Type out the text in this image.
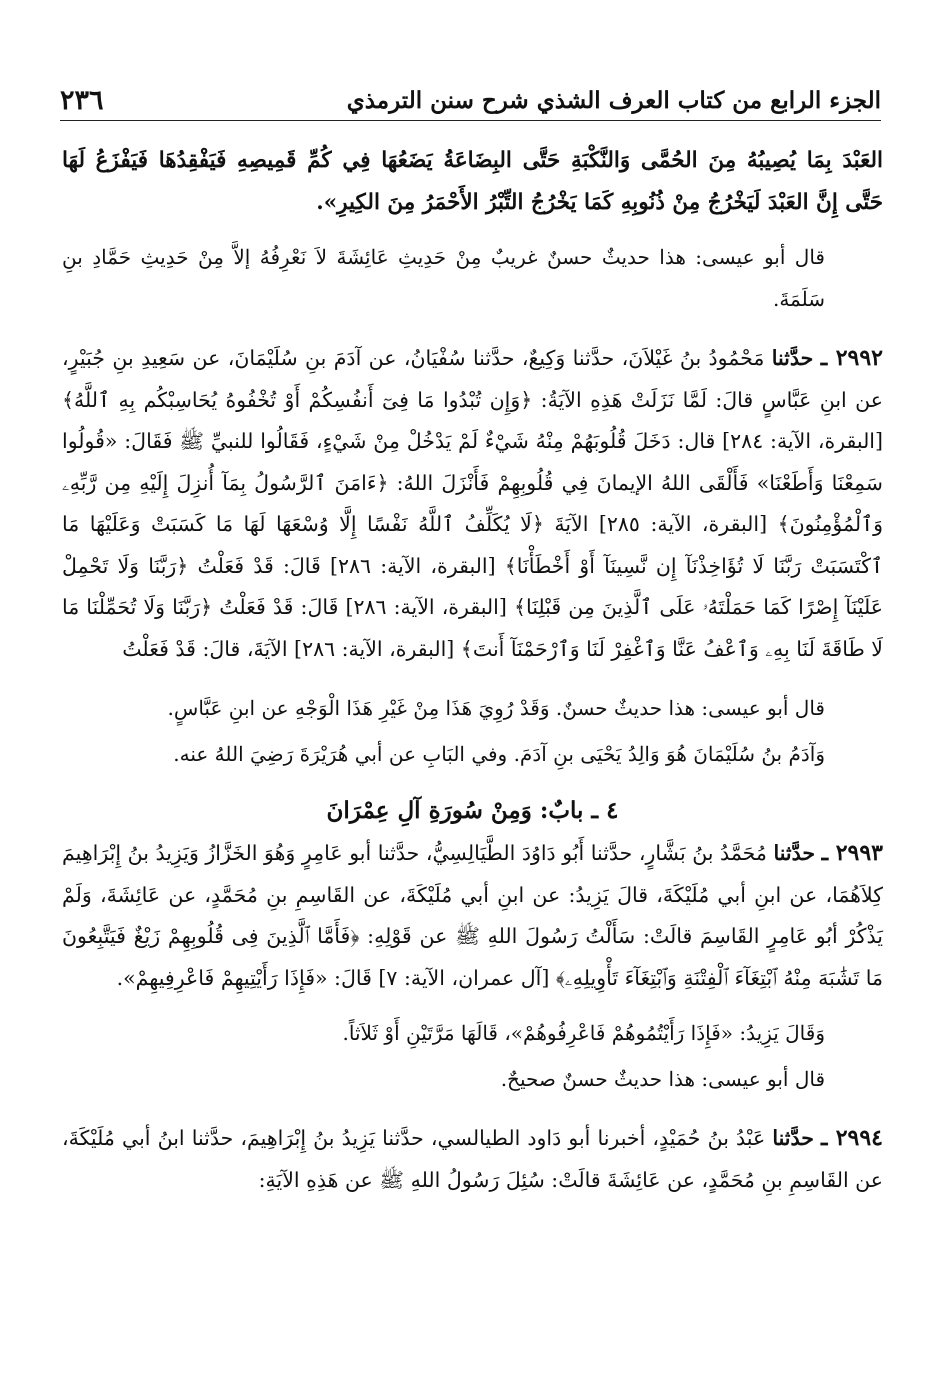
٢٣٦	الجزء الرابع من كتاب العرف الشذي شرح سنن الترمذي

العَبْدَ بِمَا يُصِيبُهُ مِنَ الحُمَّى وَالنَّكْبَةِ حَتَّى البِضَاعَةُ يَضَعُهَا فِي كُمِّ قَمِيصِهِ فَيَفْقِدُهَا فَيَفْزَعُ لَهَا حَتَّى إِنَّ العَبْدَ لَيَخْرُجُ مِنْ ذُنُوبِهِ كَمَا يَخْرُجُ التِّبْرُ الأَحْمَرُ مِنَ الكِيرِ».

قال أبو عيسى: هذا حديثٌ حسنٌ غريبٌ مِنْ حَدِيثِ عَائِشَةَ لاَ نَعْرِفُهُ إلاَّ مِنْ حَدِيثِ حَمَّادِ بنِ سَلَمَةَ.

٢٩٩٢ ـ حدَّثنا مَحْمُودُ بنُ غَيْلاَنَ، حدَّثنا وَكِيعٌ، حدَّثنا سُفْيَانُ، عن آدَمَ بنِ سُلَيْمَانَ، عن سَعِيدِ بنِ جُبَيْرٍ، عن ابنِ عَبَّاسٍ قالَ: لَمَّا نَزَلَتْ هَذِهِ الآيَةُ: ﴿وَإِن تُبْدُوا مَا فِىٓ أَنفُسِكُمْ أَوْ تُخْفُوهُ يُحَاسِبْكُم بِهِ ٱللَّهُ﴾ [البقرة، الآية: ٢٨٤] قال: دَخَلَ قُلُوبَهُمْ مِنْهُ شَيْءٌ لَمْ يَدْخُلْ مِنْ شَيْءٍ، فَقَالُوا للنبيِّ ﷺ فَقَالَ: «قُولُوا سَمِعْنَا وَأَطَعْنَا» فَأَلْقَى اللهُ الإيمانَ فِي قُلُوبِهِمْ فَأَنْزَلَ اللهُ: ﴿ءَامَنَ ٱلرَّسُولُ بِمَآ أُنزِلَ إِلَيْهِ مِن رَّبِّهِۦ وَٱلْمُؤْمِنُونَ﴾ [البقرة، الآية: ٢٨٥] الآيَةَ ﴿لَا يُكَلِّفُ ٱللَّهُ نَفْسًا إِلَّا وُسْعَهَا لَهَا مَا كَسَبَتْ وَعَلَيْهَا مَا ٱكْتَسَبَتْ رَبَّنَا لَا تُؤَاخِذْنَآ إِن نَّسِينَآ أَوْ أَخْطَأْنَا﴾ [البقرة، الآية: ٢٨٦] قَالَ: قَدْ فَعَلْتُ ﴿رَبَّنَا وَلَا تَحْمِلْ عَلَيْنَآ إِصْرًا كَمَا حَمَلْتَهُۥ عَلَى ٱلَّذِينَ مِن قَبْلِنَا﴾ [البقرة، الآية: ٢٨٦] قَالَ: قَدْ فَعَلْتُ ﴿رَبَّنَا وَلَا تُحَمِّلْنَا مَا لَا طَاقَةَ لَنَا بِهِۦ وَٱعْفُ عَنَّا وَٱغْفِرْ لَنَا وَٱرْحَمْنَآ أَنتَ﴾ [البقرة، الآية: ٢٨٦] الآيَةَ، قالَ: قَدْ فَعَلْتُ

قال أبو عيسى: هذا حديثٌ حسنٌ. وَقَدْ رُوِيَ هَذَا مِنْ غَيْرِ هَذَا الْوَجْهِ عن ابنِ عَبَّاسٍ.

وَآدَمُ بنُ سُلَيْمَانَ هُوَ وَالِدُ يَحْيَى بنِ آدَمَ. وفي البَابِ عن أبي هُرَيْرَةَ رَضِيَ اللهُ عنه.

٤ ـ بابٌ: وَمِنْ سُورَةِ آلِ عِمْرَانَ

٢٩٩٣ ـ حدَّثنا مُحَمَّدُ بنُ بَشَّارٍ، حدَّثنا أَبُو دَاوُدَ الطَّيَالِسِيُّ، حدَّثنا أبو عَامِرٍ وَهُوَ الخَزَّازُ وَيَزِيدُ بنُ إِبْرَاهِيمَ كِلاَهُمَا، عن ابنِ أبي مُلَيْكَةَ، قالَ يَزِيدُ: عن ابنِ أبي مُلَيْكَةَ، عن القَاسِمِ بنِ مُحَمَّدٍ، عن عَائِشَةَ، وَلَمْ يَذْكُرْ أبُو عَامِرٍ القَاسِمَ قالَتْ: سَأَلْتُ رَسُولَ اللهِ ﷺ عن قَوْلِهِ: ﴿فَأَمَّا ٱلَّذِينَ فِى قُلُوبِهِمْ زَيْغٌ فَيَتَّبِعُونَ مَا تَشَٰبَهَ مِنْهُ ٱبْتِغَآءَ ٱلْفِتْنَةِ وَٱبْتِغَآءَ تَأْوِيلِهِۦ﴾ [آل عمران، الآية: ٧] قَالَ: «فَإِذَا رَأَيْتِيهِمْ فَاعْرِفِيهِمْ».

وَقَالَ يَزِيدُ: «فَإِذَا رَأَيْتُمُوهُمْ فَاعْرِفُوهُمْ»، قَالَهَا مَرَّتَيْنِ أَوْ ثَلاَثاً.

قال أبو عيسى: هذا حديثٌ حسنٌ صحيحٌ.

٢٩٩٤ ـ حدَّثنا عَبْدُ بنُ حُمَيْدٍ، أخبرنا أبو دَاود الطيالسي، حدَّثنا يَزِيدُ بنُ إِبْرَاهِيمَ، حدَّثنا ابنُ أبي مُلَيْكَةَ، عن القَاسِمِ بنِ مُحَمَّدٍ، عن عَائِشَةَ قالَتْ: سُئِلَ رَسُولُ اللهِ ﷺ عن هَذِهِ الآيَةِ:
